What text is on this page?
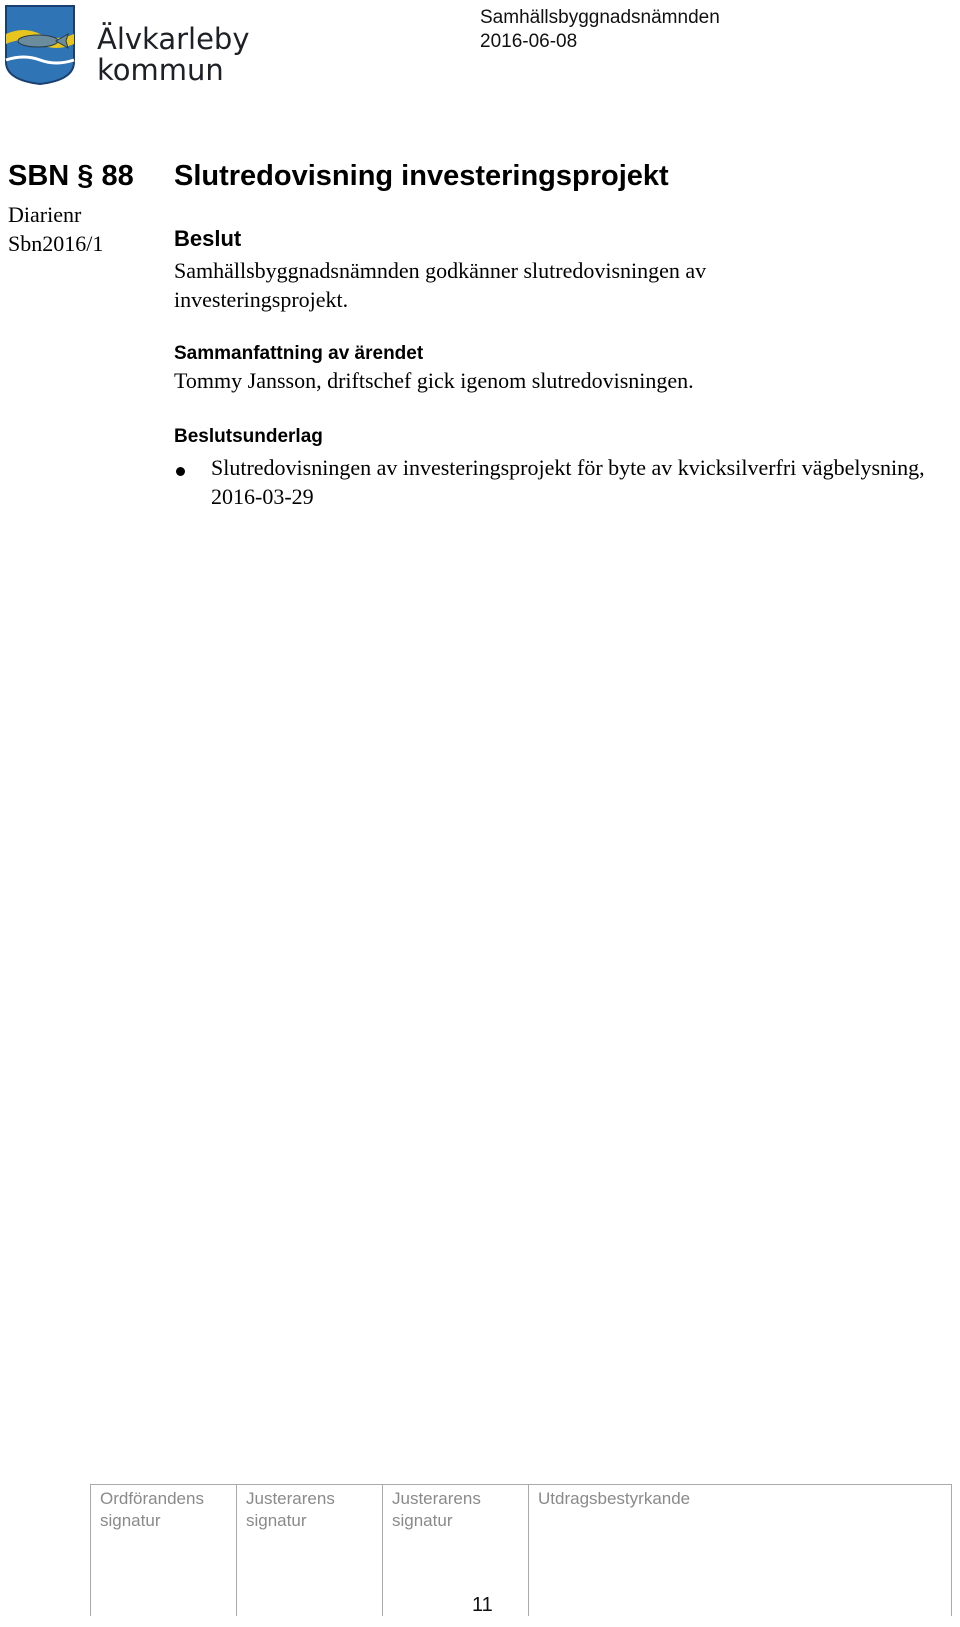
Älvkarleby
kommun
Samhällsbyggnadsnämnden
2016-06-08
SBN § 88
Diarienr
Sbn2016/1
Slutredovisning investeringsprojekt
Beslut
Samhällsbyggnadsnämnden godkänner slutredovisningen av investeringsprojekt.
Sammanfattning av ärendet
Tommy Jansson, driftschef gick igenom slutredovisningen.
Beslutsunderlag
Slutredovisningen av investeringsprojekt för byte av kvicksilverfri vägbelysning, 2016-03-29
Ordförandens
signatur
Justerarens
signatur
Justerarens
signatur
Utdragsbestyrkande
11
